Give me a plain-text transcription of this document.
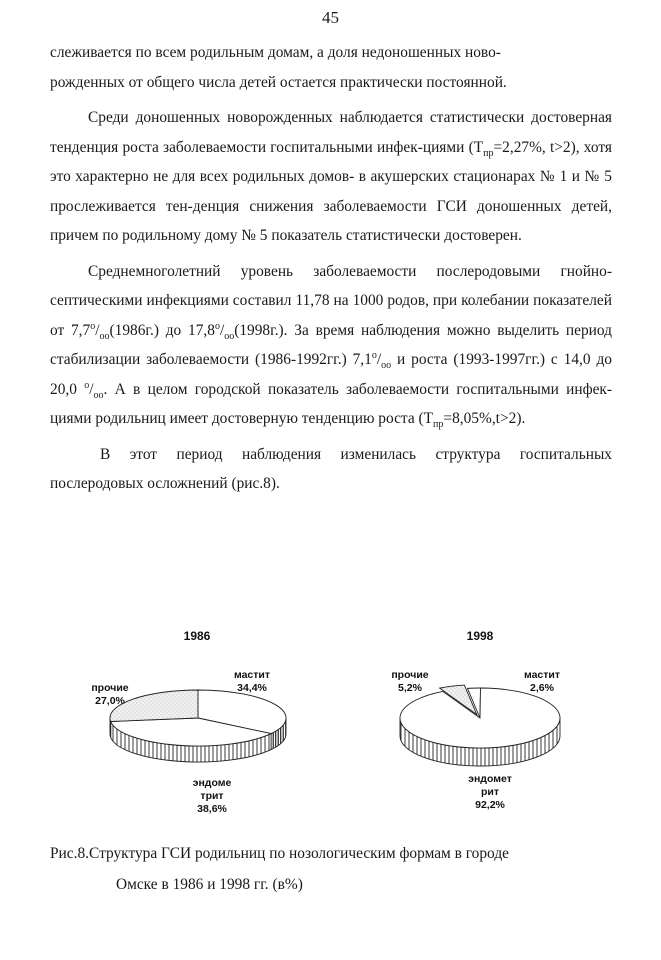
45

слеживается по всем родильным домам, а доля недоношенных ново-
рожденных от общего числа детей остается практически постоянной.

Среди доношенных новорожденных наблюдается статистически достоверная тенденция роста заболеваемости госпитальными инфек-циями ($Т_{пр}=2,27\%$, t>2), хотя это характерно не для всех родильных домов- в акушерских стационарах № 1 и № 5 прослеживается тен-денция снижения заболеваемости ГСИ доношенных детей, причем по родильному дому № 5 показатель статистически достоверен.

Среднемноголетний уровень заболеваемости послеродовыми гнойно-септическими инфекциями составил 11,78 на 1000 родов, при колебании показателей от $7,7^о/_{оо}(1986г.)$ до $17,8^о/_{оо}(1998г.)$. За время наблюдения можно выделить период стабилизации заболеваемости (1986-1992гг.) $7,1^о/_{оо}$ и роста (1993-1997гг.) с 14,0 до 20,0 $^о/_{оо}$. А в целом городской показатель заболеваемости госпитальными инфек-циями родильниц имеет достоверную тенденцию роста $(Т_{пр}=8,05\%,t>2)$.

В этот период наблюдения изменилась структура госпитальных послеродовых осложнений (рис.8).

1986	1998
мастит
34,4%
эндоме
трит
38,6%
прочие
27,0%
мастит
2,6%
эндомет
рит
92,2%
прочие
5,2%
Рис.8.Структура ГСИ родильниц по нозологическим формам в городе
Омске в 1986 и 1998 гг. (в%)
